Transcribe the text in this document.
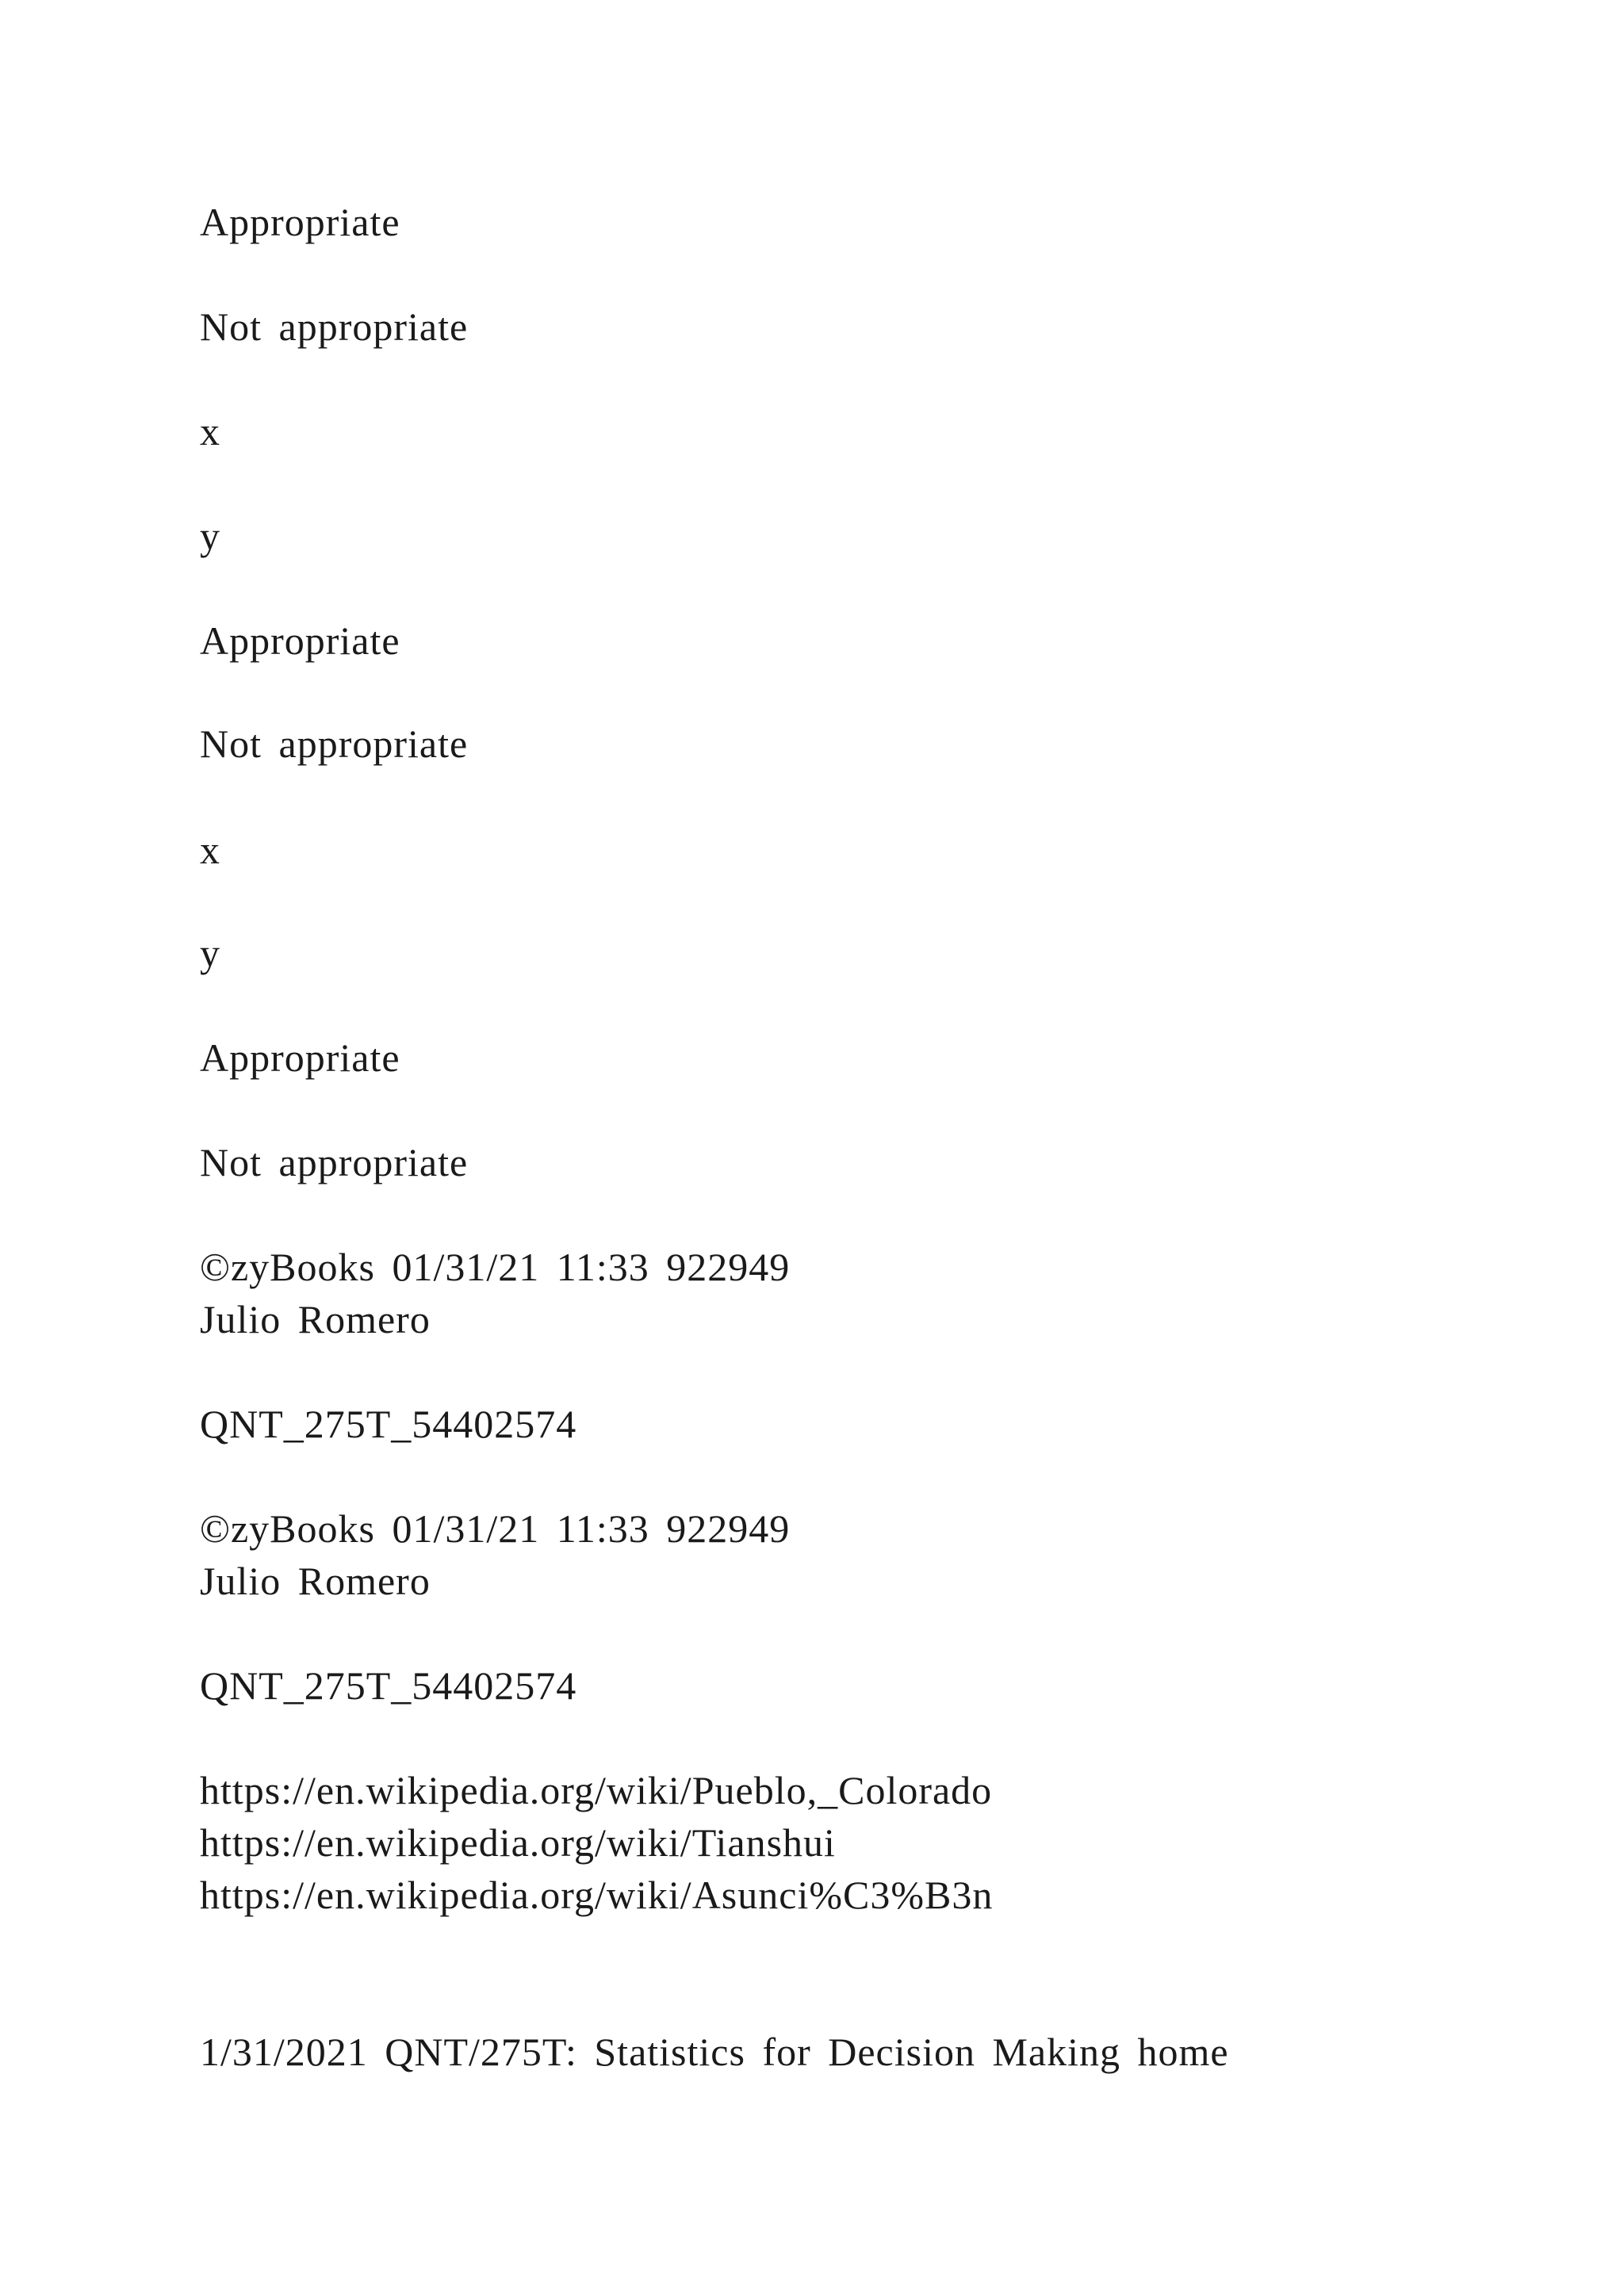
Appropriate
Not appropriate
x
y
Appropriate
Not appropriate
x
y
Appropriate
Not appropriate
©zyBooks 01/31/21 11:33 922949
Julio Romero
QNT_275T_54402574
©zyBooks 01/31/21 11:33 922949
Julio Romero
QNT_275T_54402574
https://en.wikipedia.org/wiki/Pueblo,_Colorado
https://en.wikipedia.org/wiki/Tianshui
https://en.wikipedia.org/wiki/Asunci%C3%B3n
1/31/2021 QNT/275T: Statistics for Decision Making home
